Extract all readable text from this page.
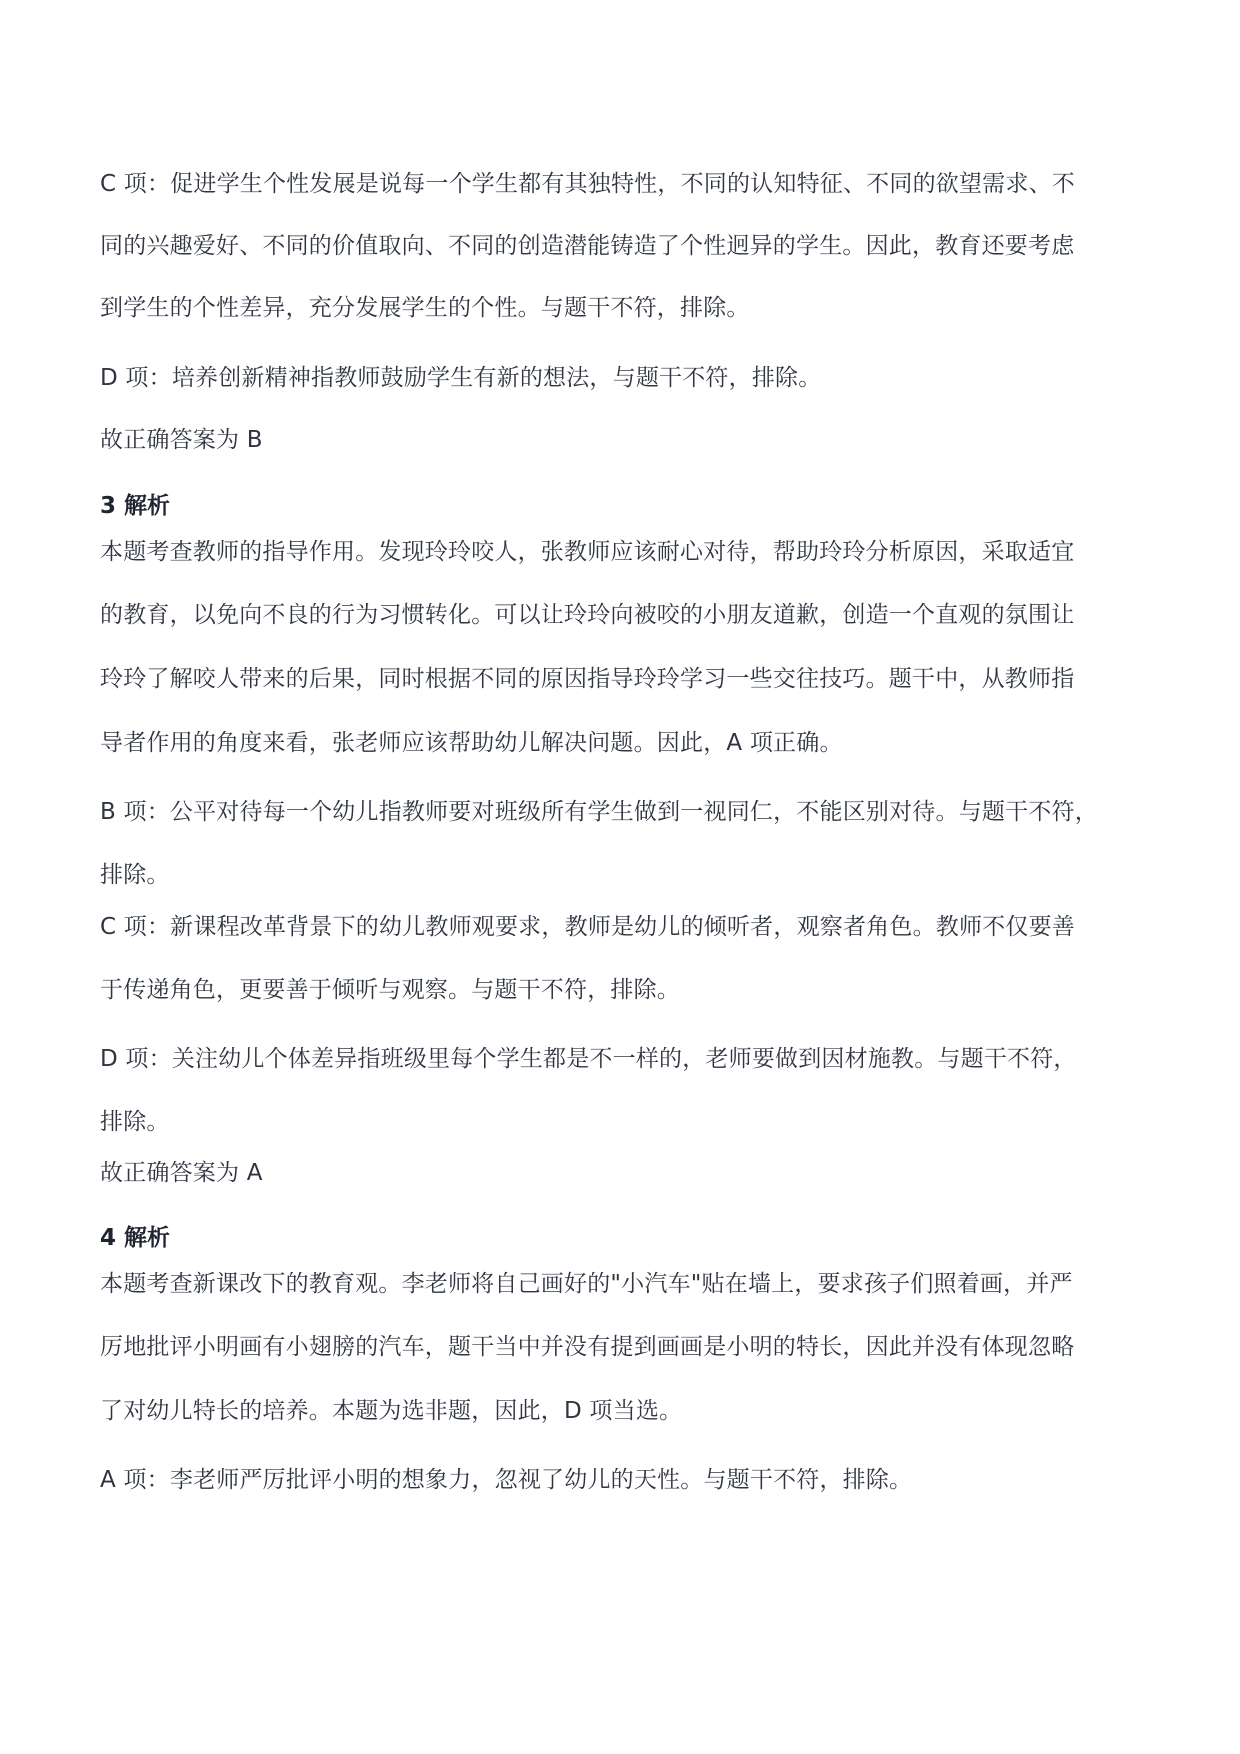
C 项：促进学生个性发展是说每一个学生都有其独特性，不同的认知特征、不同的欲望需求、不
同的兴趣爱好、不同的价值取向、不同的创造潜能铸造了个性迥异的学生。因此，教育还要考虑
到学生的个性差异，充分发展学生的个性。与题干不符，排除。
D 项：培养创新精神指教师鼓励学生有新的想法，与题干不符，排除。
故正确答案为 B
3 解析
本题考查教师的指导作用。发现玲玲咬人，张教师应该耐心对待，帮助玲玲分析原因，采取适宜
的教育，以免向不良的行为习惯转化。可以让玲玲向被咬的小朋友道歉，创造一个直观的氛围让
玲玲了解咬人带来的后果，同时根据不同的原因指导玲玲学习一些交往技巧。题干中，从教师指
导者作用的角度来看，张老师应该帮助幼儿解决问题。因此，A 项正确。
B 项：公平对待每一个幼儿指教师要对班级所有学生做到一视同仁，不能区别对待。与题干不符，
排除。
C 项：新课程改革背景下的幼儿教师观要求，教师是幼儿的倾听者，观察者角色。教师不仅要善
于传递角色，更要善于倾听与观察。与题干不符，排除。
D 项：关注幼儿个体差异指班级里每个学生都是不一样的，老师要做到因材施教。与题干不符，
排除。
故正确答案为 A
4 解析
本题考查新课改下的教育观。李老师将自己画好的"小汽车"贴在墙上，要求孩子们照着画，并严
厉地批评小明画有小翅膀的汽车，题干当中并没有提到画画是小明的特长，因此并没有体现忽略
了对幼儿特长的培养。本题为选非题，因此，D 项当选。
A 项：李老师严厉批评小明的想象力，忽视了幼儿的天性。与题干不符，排除。
